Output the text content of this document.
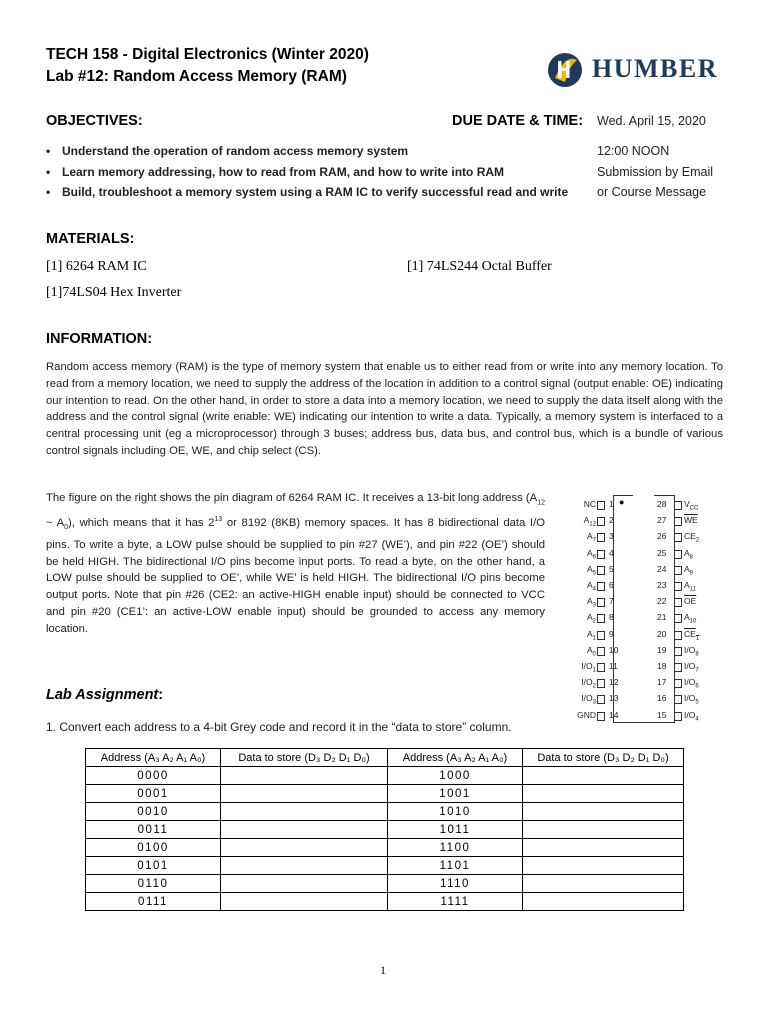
TECH 158 - Digital Electronics (Winter 2020)
Lab #12: Random Access Memory (RAM)	HUMBER
OBJECTIVES:	DUE DATE & TIME: Wed. April 15, 2020
• Understand the operation of random access memory system
• Learn memory addressing, how to read from RAM, and how to write into RAM
• Build, troubleshoot a memory system using a RAM IC to verify successful read and write
12:00 NOON
Submission by Email
or Course Message
MATERIALS:
[1] 6264 RAM IC	[1] 74LS244 Octal Buffer
[1]74LS04 Hex Inverter
INFORMATION:
Random access memory (RAM) is the type of memory system that enable us to either read from or write into any memory location. To read from a memory location, we need to supply the address of the location in addition to a control signal (output enable: OE) indicating our intention to read. On the other hand, in order to store a data into a memory location, we need to supply the data itself along with the address and the control signal (write enable: WE) indicating our intention to write a data. Typically, a memory system is interfaced to a central processing unit (eg a microprocessor) through 3 buses; address bus, data bus, and control bus, which is a bundle of various control signals including OE, WE, and chip select (CS).
The figure on the right shows the pin diagram of 6264 RAM IC. It receives a 13-bit long address ($A_{12}$ ~ $A_0$), which means that it has $2^{13}$ or 8192 (8KB) memory spaces. It has 8 bidirectional data I/O pins. To write a byte, a LOW pulse should be supplied to pin #27 (WE’), and pin #22 (OE’) should be held HIGH. The bidirectional I/O pins become input ports. To read a byte, on the other hand, a LOW pulse should be supplied to OE’, while WE’ is held HIGH. The bidirectional I/O pins become output ports. Note that pin #26 (CE2: an active-HIGH enable input) should be connected to VCC and pin #20 (CE1’: an active-LOW enable input) should be grounded to access any memory location.
NC 1
$A_{12}$ 2
$A_7$ 3
$A_6$ 4
$A_5$ 5
$A_4$ 6
$A_3$ 7
$A_2$ 8
$A_1$ 9
$A_0$ 10
$I/O_1$ 11
$I/O_2$ 12
$I/O_3$ 13
GND 14
28 $V_{CC}$
27 $\overline{WE}$
26 $CE_2$
25 $A_8$
24 $A_9$
23 $A_{11}$
22 $\overline{OE}$
21 $A_{10}$
20 $CE_1$
19 $I/O_8$
18 $I/O_7$
17 $I/O_6$
16 $I/O_5$
15 $I/O_4$
●
Lab Assignment:
1. Convert each address to a 4-bit Grey code and record it in the “data to store” column.
Address (A₃ A₂ A₁ A₀)	Data to store (D₃ D₂ D₁ D₀)	Address (A₃ A₂ A₁ A₀)	Data to store (D₃ D₂ D₁ D₀)
0000		1000	
0001		1001	
0010		1010	
0011		1011	
0100		1100	
0101		1101	
0110		1110	
0111		1111	
1
